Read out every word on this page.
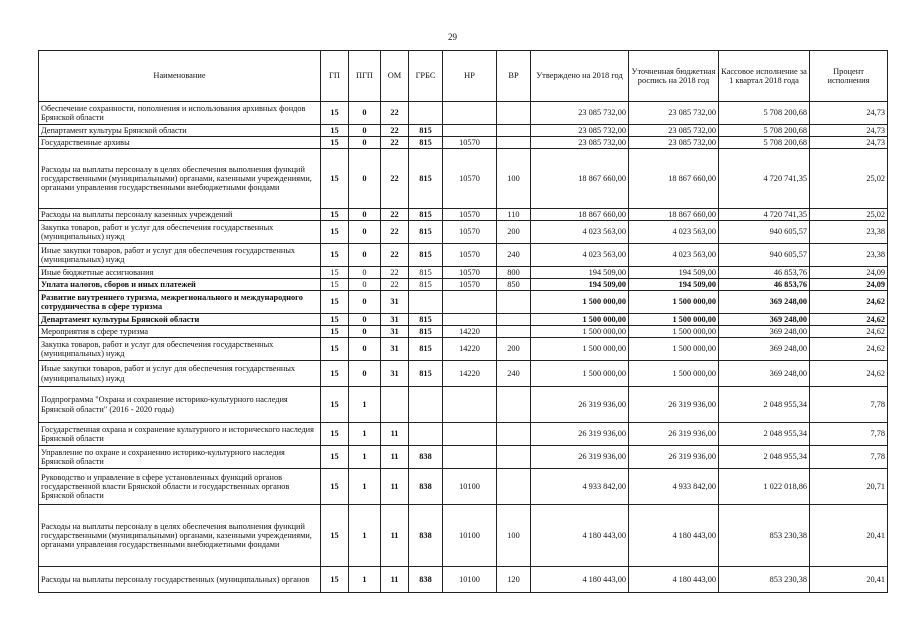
29
Наименование	ГП	ПГП	ОМ	ГРБС	НР	ВР	Утверждено на 2018 год	Уточненная бюджетная роспись на 2018 год	Кассовое исполнение за 1 квартал 2018 года	Процент исполнения
Обеспечение сохранности, пополнения и использования архивных фондов Брянской области	15	0	22				23 085 732,00	23 085 732,00	5 708 200,68	24,73
Департамент культуры Брянской области	15	0	22	815			23 085 732,00	23 085 732,00	5 708 200,68	24,73
Государственные архивы	15	0	22	815	10570		23 085 732,00	23 085 732,00	5 708 200,68	24,73
Расходы на выплаты персоналу в целях обеспечения выполнения функций государственными (муниципальными) органами, казенными учреждениями, органами управления государственными внебюджетными фондами	15	0	22	815	10570	100	18 867 660,00	18 867 660,00	4 720 741,35	25,02
Расходы на выплаты персоналу казенных учреждений	15	0	22	815	10570	110	18 867 660,00	18 867 660,00	4 720 741,35	25,02
Закупка товаров, работ и услуг для обеспечения государственных (муниципальных) нужд	15	0	22	815	10570	200	4 023 563,00	4 023 563,00	940 605,57	23,38
Иные закупки товаров, работ и услуг для обеспечения государственных (муниципальных) нужд	15	0	22	815	10570	240	4 023 563,00	4 023 563,00	940 605,57	23,38
Иные бюджетные ассигнования	15	0	22	815	10570	800	194 509,00	194 509,00	46 853,76	24,09
Уплата налогов, сборов и иных платежей	15	0	22	815	10570	850	194 509,00	194 509,00	46 853,76	24,09
Развитие внутреннего туризма, межрегионального и международного сотрудничества в сфере туризма	15	0	31				1 500 000,00	1 500 000,00	369 248,00	24,62
Департамент культуры Брянской области	15	0	31	815			1 500 000,00	1 500 000,00	369 248,00	24,62
Мероприятия в сфере туризма	15	0	31	815	14220		1 500 000,00	1 500 000,00	369 248,00	24,62
Закупка товаров, работ и услуг для обеспечения государственных (муниципальных) нужд	15	0	31	815	14220	200	1 500 000,00	1 500 000,00	369 248,00	24,62
Иные закупки товаров, работ и услуг для обеспечения государственных (муниципальных) нужд	15	0	31	815	14220	240	1 500 000,00	1 500 000,00	369 248,00	24,62
Подпрограмма "Охрана и сохранение историко-культурного наследия Брянской области" (2016 - 2020 годы)	15	1					26 319 936,00	26 319 936,00	2 048 955,34	7,78
Государственная охрана и сохранение культурного и исторического наследия Брянской области	15	1	11				26 319 936,00	26 319 936,00	2 048 955,34	7,78
Управление по охране и сохранению историко-культурного наследия Брянской области	15	1	11	838			26 319 936,00	26 319 936,00	2 048 955,34	7,78
Руководство и управление в сфере установленных функций органов государственной власти Брянской области и государственных органов Брянской области	15	1	11	838	10100		4 933 842,00	4 933 842,00	1 022 018,86	20,71
Расходы на выплаты персоналу в целях обеспечения выполнения функций государственными (муниципальными) органами, казенными учреждениями, органами управления государственными внебюджетными фондами	15	1	11	838	10100	100	4 180 443,00	4 180 443,00	853 230,38	20,41
Расходы на выплаты персоналу государственных (муниципальных) органов	15	1	11	838	10100	120	4 180 443,00	4 180 443,00	853 230,38	20,41
